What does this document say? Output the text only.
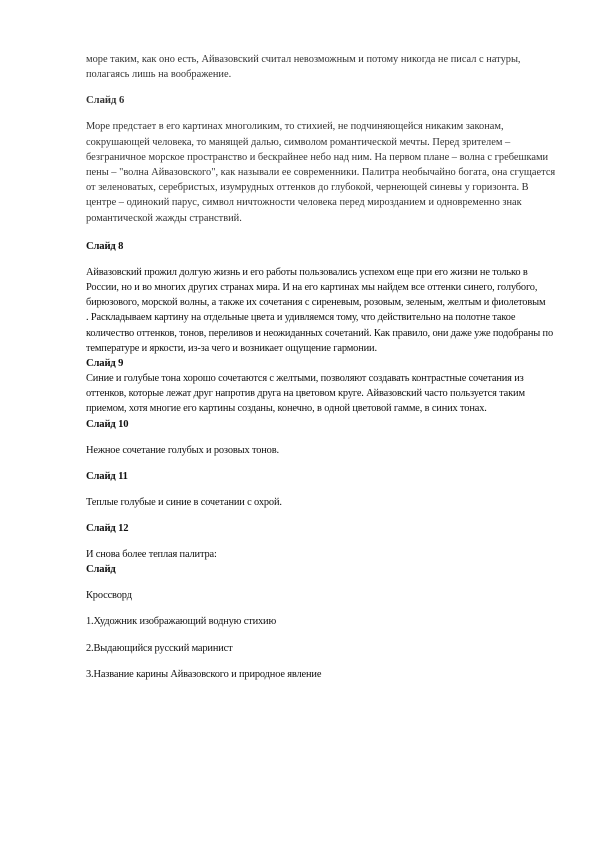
море таким, как оно есть, Айвазовский считал невозможным и потому никогда не писал с натуры, полагаясь лишь на воображение.

Слайд 6

Море предстает в его картинах многоликим, то стихией, не подчиняющейся никаким законам, сокрушающей человека, то манящей далью, символом романтической мечты. Перед зрителем – безграничное морское пространство и бескрайнее небо над ним. На первом плане – волна с гребешками пены – "волна Айвазовского", как называли ее современники. Палитра необычайно богата, она сгущается от зеленоватых, серебристых, изумрудных оттенков до глубокой, чернеющей синевы у горизонта. В центре – одинокий парус, символ ничтожности человека перед мирозданием и одновременно знак романтической жажды странствий.

Слайд 8

Айвазовский прожил долгую жизнь и его работы пользовались успехом еще при его жизни не только в России, но и во многих других странах мира. И на его картинах мы найдем все оттенки синего, голубого, бирюзового, морской волны, а также их сочетания с сиреневым, розовым, зеленым, желтым и фиолетовым

. Раскладываем картину на отдельные цвета и удивляемся тому, что действительно на полотне такое количество оттенков, тонов, переливов и неожиданных сочетаний. Как правило, они даже уже подобраны по температуре и яркости, из-за чего и возникает ощущение гармонии.

Слайд 9

Синие и голубые тона хорошо сочетаются с желтыми, позволяют создавать контрастные сочетания из оттенков, которые лежат друг напротив друга на цветовом круге. Айвазовский часто пользуется таким приемом, хотя многие его картины созданы, конечно, в одной цветовой гамме, в синих тонах.

Слайд 10

Нежное сочетание голубых и розовых тонов.

Слайд 11

Теплые голубые и синие в сочетании с охрой.

Слайд 12

И снова более теплая палитра:

Слайд

Кроссворд

1.Художник изображающий водную стихию

2.Выдающийся русский маринист

3.Название карины Айвазовского и природное явление
